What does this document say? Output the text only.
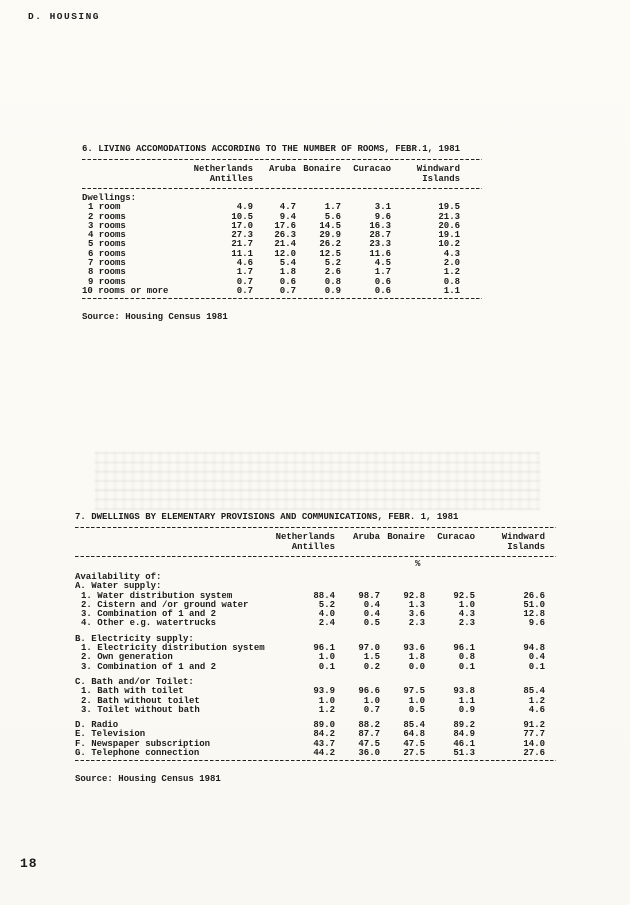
D. HOUSING
6. LIVING ACCOMODATIONS ACCORDING TO THE NUMBER OF ROOMS, FEBR.1, 1981
Netherlands
Antilles
Aruba Bonaire	Curacao	Windward
Islands
Dwellings:
1 room	4.9	4.7	1.7	3.1	19.5
2 rooms	10.5	9.4	5.6	9.6	21.3
3 rooms	17.0	17.6	14.5	16.3	20.6
4 rooms	27.3	26.3	29.9	28.7	19.1
5 rooms	21.7	21.4	26.2	23.3	10.2
6 rooms	11.1	12.0	12.5	11.6	4.3
7 rooms	4.6	5.4	5.2	4.5	2.0
8 rooms	1.7	1.8	2.6	1.7	1.2
9 rooms	0.7	0.6	0.8	0.6	0.8
10 rooms or more	0.7	0.7	0.9	0.6	1.1
Source: Housing Census 1981
7. DWELLINGS BY ELEMENTARY PROVISIONS AND COMMUNICATIONS, FEBR. 1, 1981
Netherlands
Antilles
Aruba Bonaire	Curacao	Windward
Islands
%
Availability of:
A. Water supply:
1. Water distribution system	88.4	98.7	92.8	92.5	26.6
2. Cistern and /or ground water	5.2	0.4	1.3	1.0	51.0
3. Combination of 1 and 2	4.0	0.4	3.6	4.3	12.8
4. Other e.g. watertrucks	2.4	0.5	2.3	2.3	9.6
B. Electricity supply:
1. Electricity distribution system	96.1	97.0	93.6	96.1	94.8
2. Own generation	1.0	1.5	1.8	0.8	0.4
3. Combination of 1 and 2	0.1	0.2	0.0	0.1	0.1
C. Bath and/or Toilet:
1. Bath with toilet	93.9	96.6	97.5	93.8	85.4
2. Bath without toilet	1.0	1.0	1.0	1.1	1.2
3. Toilet without bath	1.2	0.7	0.5	0.9	4.6
D. Radio	89.0	88.2	85.4	89.2	91.2
E. Television	84.2	87.7	64.8	84.9	77.7
F. Newspaper subscription	43.7	47.5	47.5	46.1	14.0
G. Telephone connection	44.2	36.0	27.5	51.3	27.6
Source: Housing Census 1981
18
